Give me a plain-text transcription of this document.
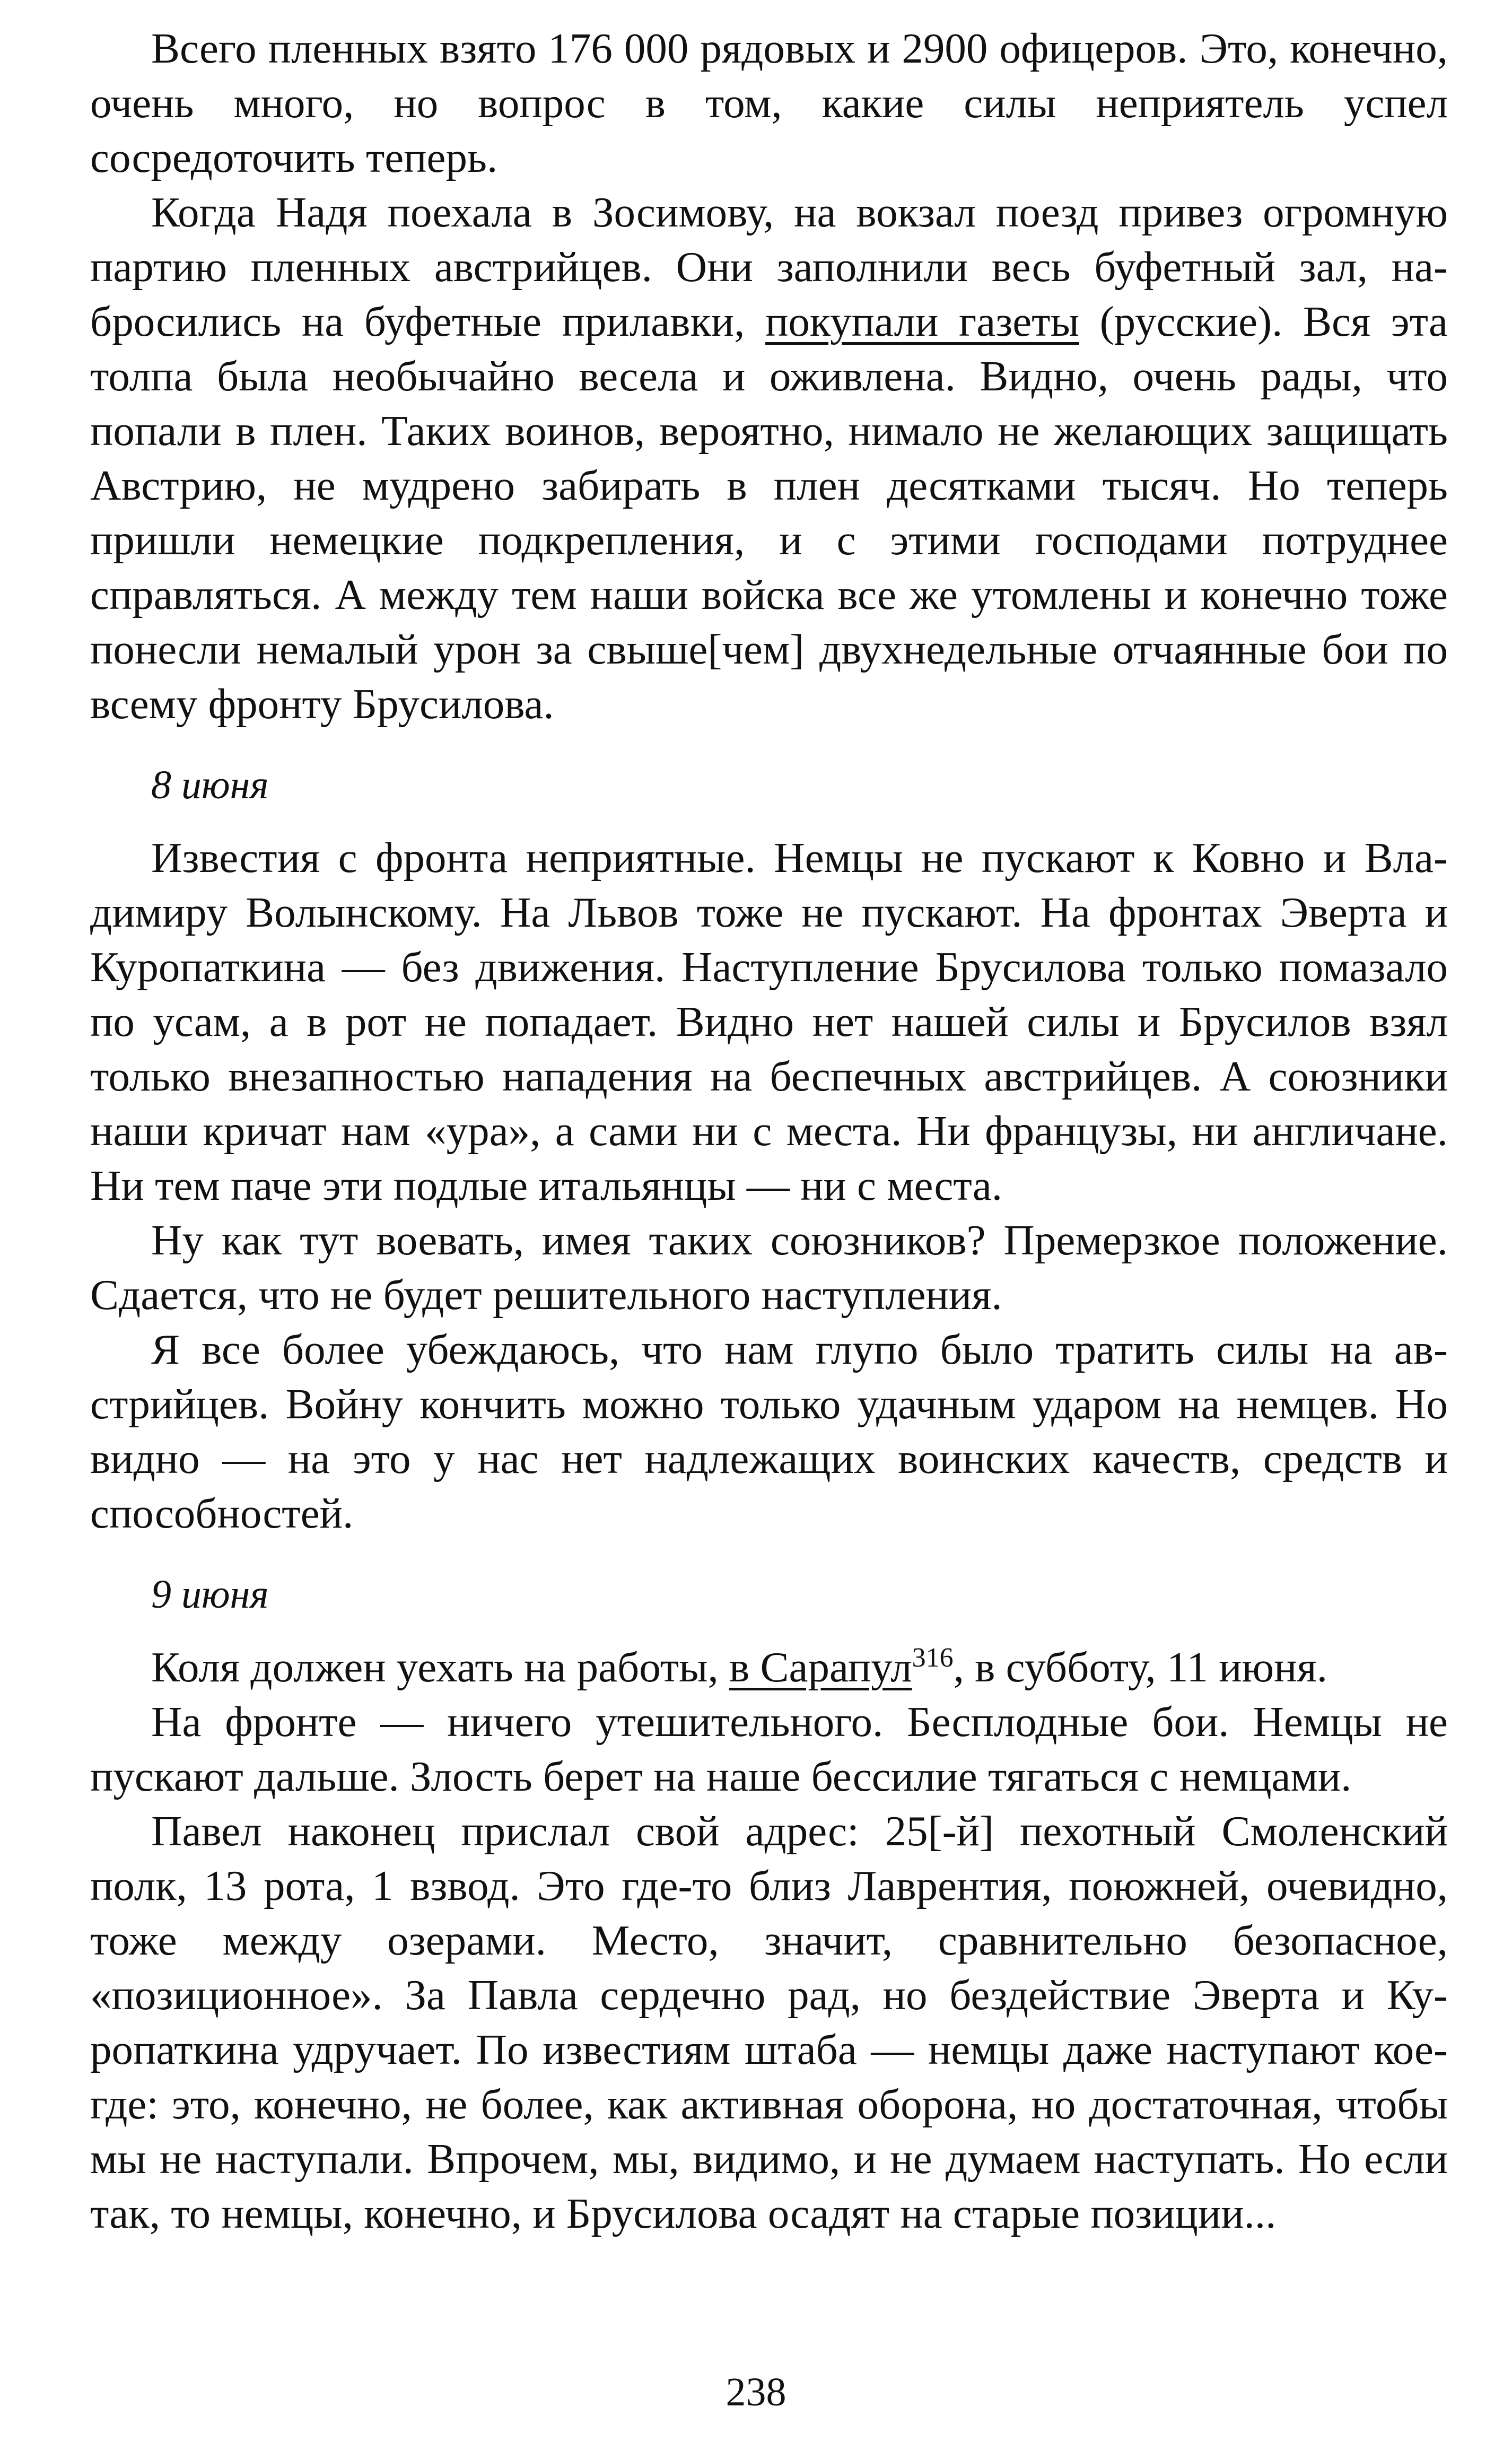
Всего пленных взято 176 000 рядовых и 2900 офицеров. Это, конечно, очень много, но вопрос в том, какие силы неприятель успел сосредоточить теперь.

Когда Надя поехала в Зосимову, на вокзал поезд привез огромную партию пленных австрийцев. Они заполнили весь буфетный зал, набросились на буфетные прилавки, покупали газеты (русские). Вся эта толпа была необычайно весела и оживлена. Видно, очень рады, что попали в плен. Таких воинов, вероятно, нимало не желающих защищать Австрию, не мудрено забирать в плен десятками тысяч. Но теперь пришли немецкие подкрепления, и с этими господами потруднее справляться. А между тем наши войска все же утомлены и конечно тоже понесли немалый урон за свыше[чем] двухнедельные отчаянные бои по всему фронту Брусилова.

8 июня

Известия с фронта неприятные. Немцы не пускают к Ковно и Владимиру Волынскому. На Львов тоже не пускают. На фронтах Эверта и Куропаткина — без движения. Наступление Брусилова только помазало по усам, а в рот не попадает. Видно нет нашей силы и Брусилов взял только внезапностью нападения на беспечных австрийцев. А союзники наши кричат нам «ура», а сами ни с места. Ни французы, ни англичане. Ни тем паче эти подлые итальянцы — ни с места.

Ну как тут воевать, имея таких союзников? Премерзкое положение. Сдается, что не будет решительного наступления.

Я все более убеждаюсь, что нам глупо было тратить силы на австрийцев. Войну кончить можно только удачным ударом на немцев. Но видно — на это у нас нет надлежащих воинских качеств, средств и способностей.

9 июня

Коля должен уехать на работы, в Сарапул$^{316}$, в субботу, 11 июня.

На фронте — ничего утешительного. Бесплодные бои. Немцы не пускают дальше. Злость берет на наше бессилие тягаться с немцами.

Павел наконец прислал свой адрес: 25[-й] пехотный Смоленский полк, 13 рота, 1 взвод. Это где-то близ Лаврентия, поюжней, очевидно, тоже между озерами. Место, значит, сравнительно безопасное, «позиционное». За Павла сердечно рад, но бездействие Эверта и Куропаткина удручает. По известиям штаба — немцы даже наступают кое-где: это, конечно, не более, как активная оборона, но достаточная, чтобы мы не наступали. Впрочем, мы, видимо, и не думаем наступать. Но если так, то немцы, конечно, и Брусилова осадят на старые позиции...

238
